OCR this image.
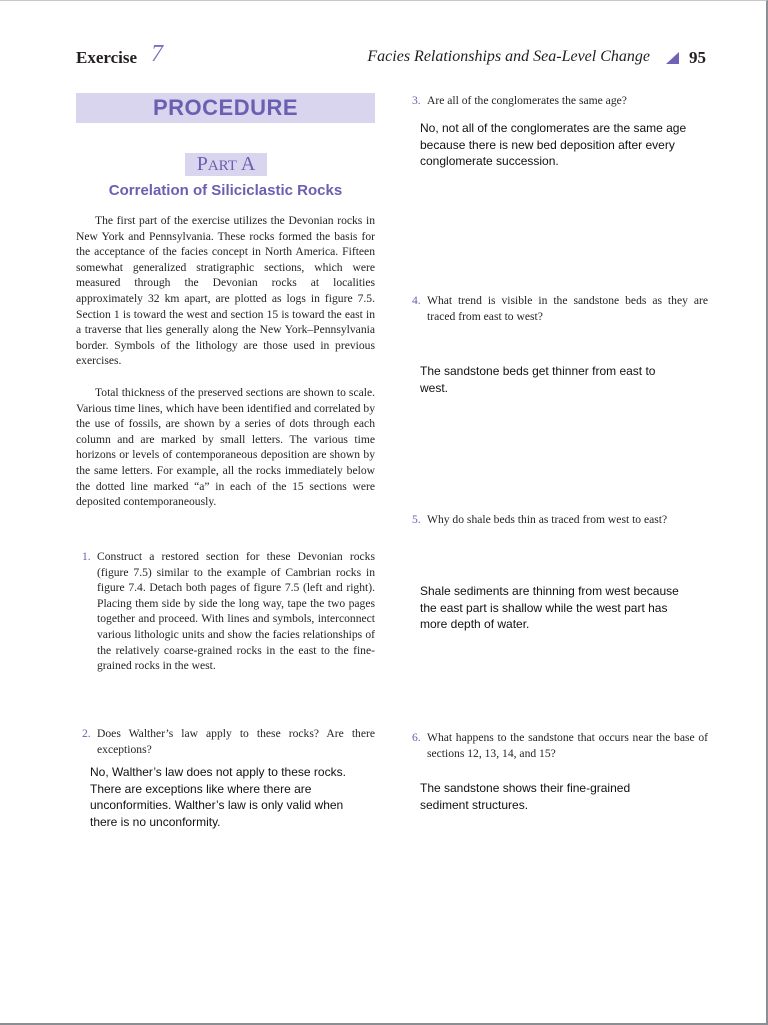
Exercise 7	Facies Relationships and Sea-Level Change 95
PROCEDURE
PART A
Correlation of Siliciclastic Rocks

The first part of the exercise utilizes the Devonian rocks in New York and Pennsylvania. These rocks formed the basis for the acceptance of the facies concept in North America. Fifteen somewhat generalized stratigraphic sections, which were measured through the Devonian rocks at localities approximately 32 km apart, are plotted as logs in figure 7.5. Section 1 is toward the west and section 15 is toward the east in a traverse that lies generally along the New York–Pennsylvania border. Symbols of the lithology are those used in previous exercises.

Total thickness of the preserved sections are shown to scale. Various time lines, which have been identified and correlated by the use of fossils, are shown by a series of dots through each column and are marked by small letters. The various time horizons or levels of contemporaneous deposition are shown by the same letters. For example, all the rocks immediately below the dotted line marked “a” in each of the 15 sections were deposited contemporaneously.

1. Construct a restored section for these Devonian rocks (figure 7.5) similar to the example of Cambrian rocks in figure 7.4. Detach both pages of figure 7.5 (left and right). Placing them side by side the long way, tape the two pages together and proceed. With lines and symbols, interconnect various lithologic units and show the facies relationships of the relatively coarse-grained rocks in the east to the fine-grained rocks in the west.
2. Does Walther’s law apply to these rocks? Are there exceptions?
No, Walther’s law does not apply to these rocks. There are exceptions like where there are unconformities. Walther’s law is only valid when there is no unconformity.
3. Are all of the conglomerates the same age?
No, not all of the conglomerates are the same age because there is new bed deposition after every conglomerate succession.
4. What trend is visible in the sandstone beds as they are traced from east to west?
The sandstone beds get thinner from east to west.
5. Why do shale beds thin as traced from west to east?
Shale sediments are thinning from west because the east part is shallow while the west part has more depth of water.
6. What happens to the sandstone that occurs near the base of sections 12, 13, 14, and 15?
The sandstone shows their fine-grained sediment structures.
